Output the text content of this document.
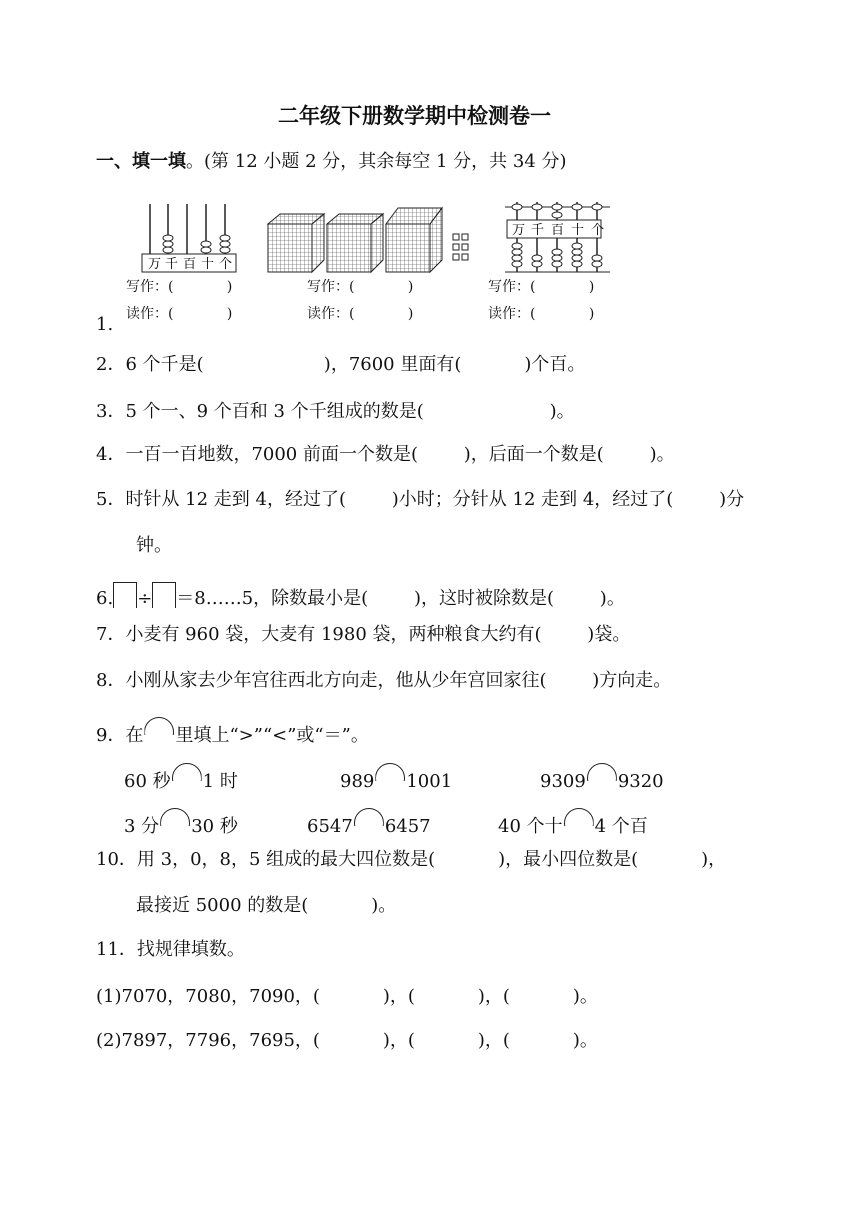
二年级下册数学期中检测卷一
一、填一填。(第 12 小题 2 分，其余每空 1 分，共 34 分)
万 千 百 十 个
万 千 百 十 个
写作：(            )
读作：(            )
写作：(            )
读作：(            )
写作：(            )
读作：(            )
1.
2．6 个千是(                     )，7600 里面有(           )个百。
3．5 个一、9 个百和 3 个千组成的数是(                      )。
4．一百一百地数，7000 前面一个数是(        )，后面一个数是(        )。
5．时针从 12 走到 4，经过了(        )小时；分针从 12 走到 4，经过了(        )分
钟。
6. ÷ ＝8……5，除数最小是(        )，这时被除数是(        )。
7．小麦有 960 袋，大麦有 1980 袋，两种粮食大约有(        )袋。
8．小刚从家去少年宫往西北方向走，他从少年宫回家往(        )方向走。
9．在 里填上“>”“<”或“＝”。
60 秒 1 时	989 1001	9309 9320
3 分 30 秒	6547 6457	40 个十 4 个百
10．用 3，0，8，5 组成的最大四位数是(           )，最小四位数是(           )，
最接近 5000 的数是(           )。
11．找规律填数。
(1)7070，7080，7090，(           )，(           )，(           )。
(2)7897，7796，7695，(           )，(           )，(           )。
